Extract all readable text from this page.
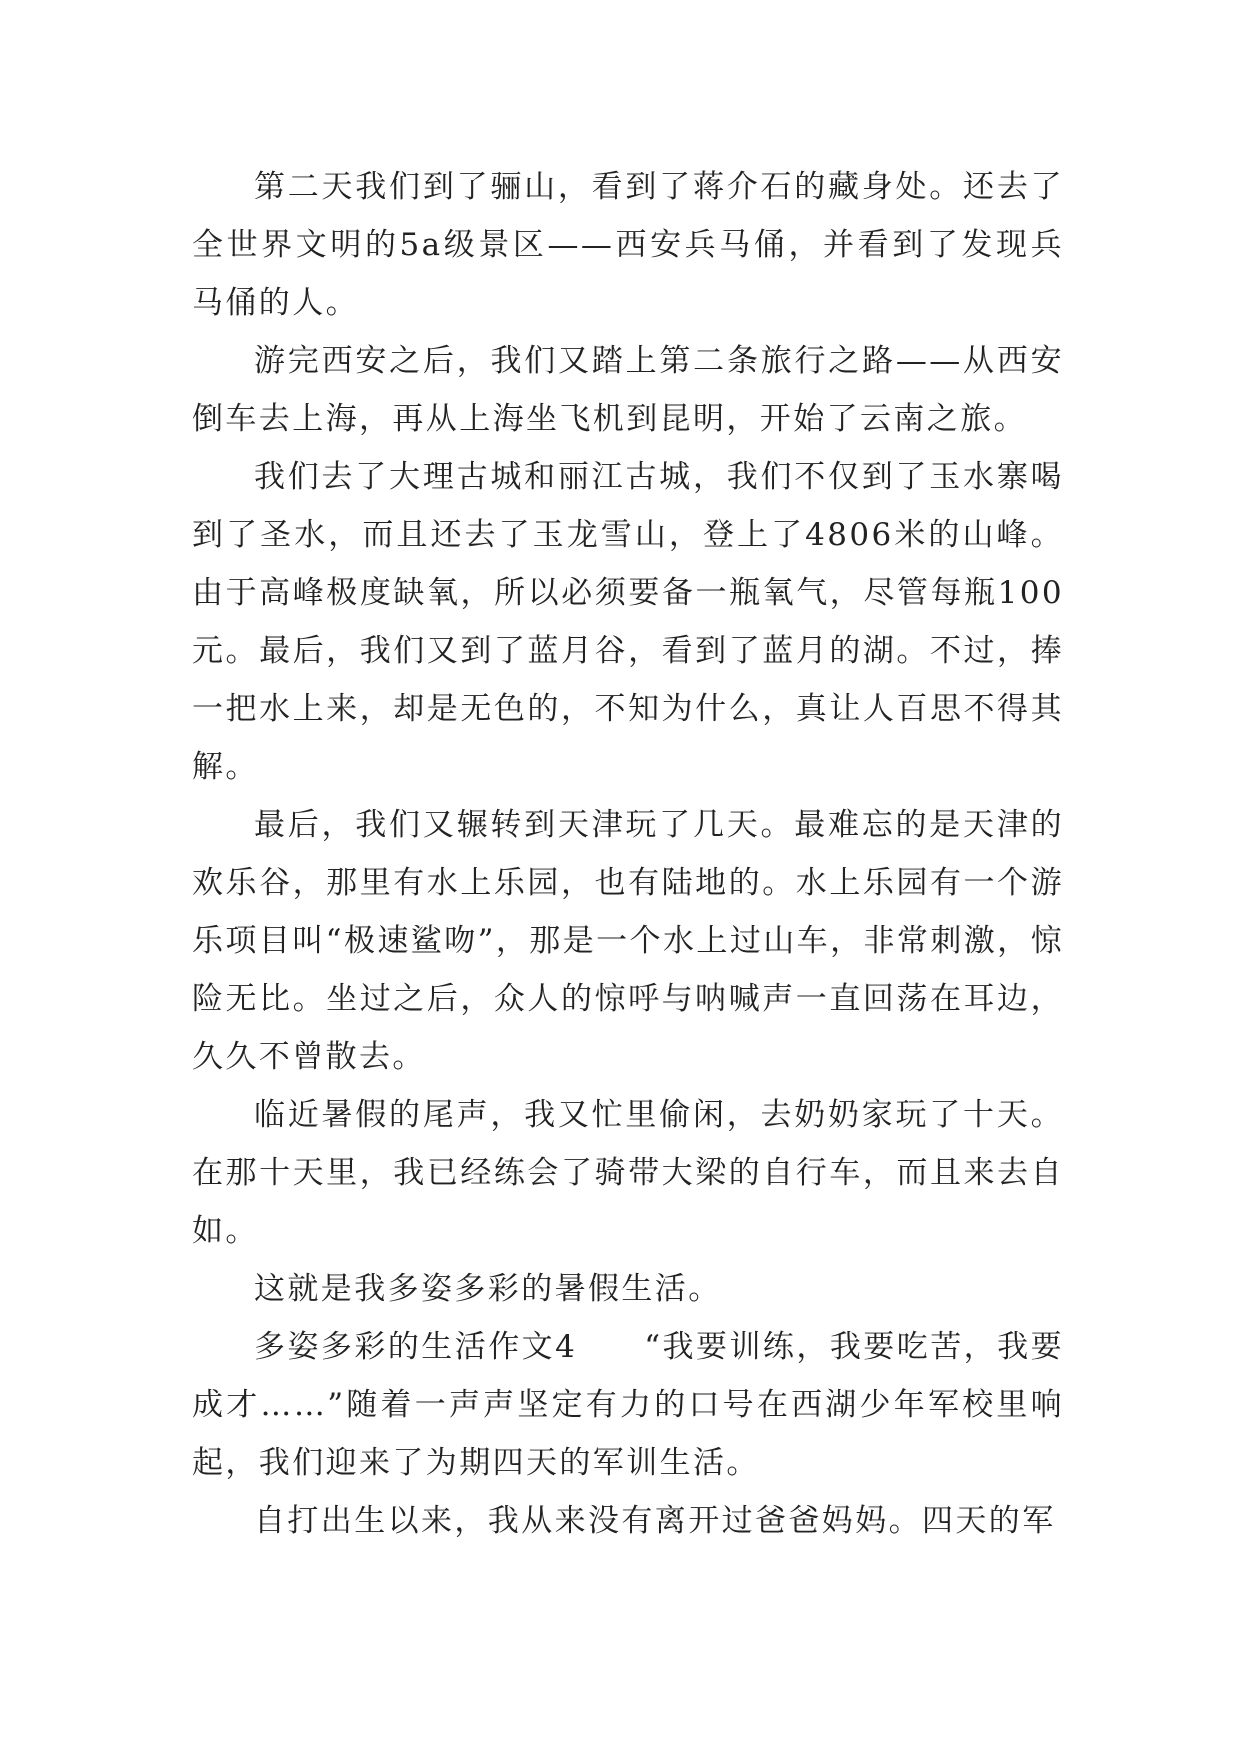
第二天我们到了骊山，看到了蒋介石的藏身处。还去了全世界文明的5a级景区——西安兵马俑，并看到了发现兵马俑的人。

游完西安之后，我们又踏上第二条旅行之路——从西安倒车去上海，再从上海坐飞机到昆明，开始了云南之旅。

我们去了大理古城和丽江古城，我们不仅到了玉水寨喝到了圣水，而且还去了玉龙雪山，登上了4806米的山峰。由于高峰极度缺氧，所以必须要备一瓶氧气，尽管每瓶100元。最后，我们又到了蓝月谷，看到了蓝月的湖。不过，捧一把水上来，却是无色的，不知为什么，真让人百思不得其解。

最后，我们又辗转到天津玩了几天。最难忘的是天津的欢乐谷，那里有水上乐园，也有陆地的。水上乐园有一个游乐项目叫“极速鲨吻”，那是一个水上过山车，非常刺激，惊险无比。坐过之后，众人的惊呼与呐喊声一直回荡在耳边，久久不曾散去。

临近暑假的尾声，我又忙里偷闲，去奶奶家玩了十天。在那十天里，我已经练会了骑带大梁的自行车，而且来去自如。

这就是我多姿多彩的暑假生活。

多姿多彩的生活作文4　　“我要训练，我要吃苦，我要成才……”随着一声声坚定有力的口号在西湖少年军校里响起，我们迎来了为期四天的军训生活。

自打出生以来，我从来没有离开过爸爸妈妈。四天的军
